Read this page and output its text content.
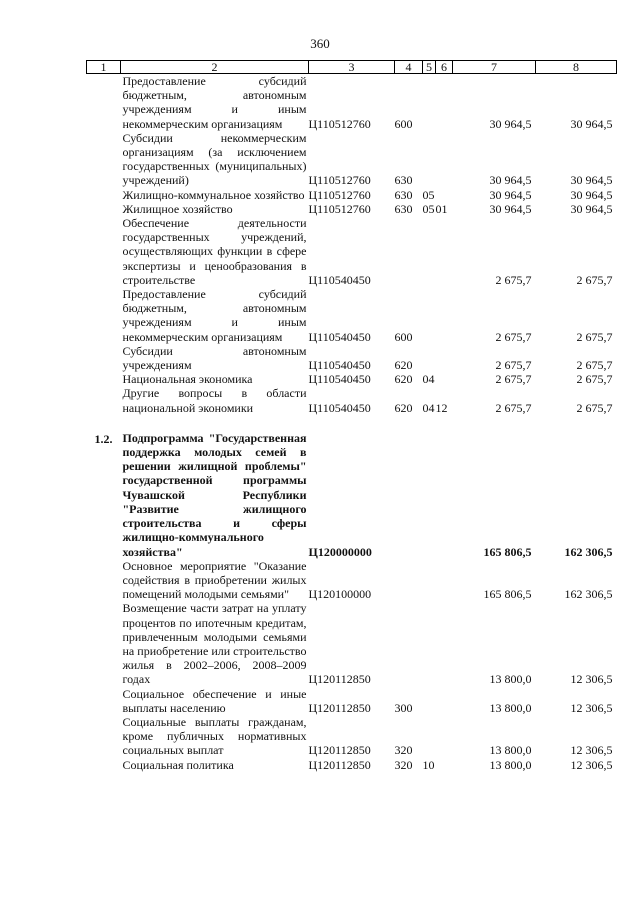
360
1	2	3	4	5	6	7	8
	Предоставление субсидий бюджетным, автономным учреждениям и иным некоммерческим организациям	Ц110512760	600			30 964,5	30 964,5
	Субсидии некоммерческим организациям (за исключением государственных (муниципальных) учреждений)	Ц110512760	630			30 964,5	30 964,5
	Жилищно-коммунальное хозяйство	Ц110512760	630	05		30 964,5	30 964,5
	Жилищное хозяйство	Ц110512760	630	05	01	30 964,5	30 964,5
	Обеспечение деятельности государственных учреждений, осуществляющих функции в сфере экспертизы и ценообразования в строительстве	Ц110540450				2 675,7	2 675,7
	Предоставление субсидий бюджетным, автономным учреждениям и иным некоммерческим организациям	Ц110540450	600			2 675,7	2 675,7
	Субсидии автономным учреждениям	Ц110540450	620			2 675,7	2 675,7
	Национальная экономика	Ц110540450	620	04		2 675,7	2 675,7
	Другие вопросы в области национальной экономики	Ц110540450	620	04	12	2 675,7	2 675,7

1.2.	Подпрограмма "Государственная поддержка молодых семей в решении жилищной проблемы" государственной программы Чувашской Республики "Развитие жилищного строительства и сферы жилищно-коммунального хозяйства"	Ц120000000				165 806,5	162 306,5
	Основное мероприятие "Оказание содействия в приобретении жилых помещений молодыми семьями"	Ц120100000				165 806,5	162 306,5
	Возмещение части затрат на уплату процентов по ипотечным кредитам, привлеченным молодыми семьями на приобретение или строительство жилья в 2002–2006, 2008–2009 годах	Ц120112850				13 800,0	12 306,5
	Социальное обеспечение и иные выплаты населению	Ц120112850	300			13 800,0	12 306,5
	Социальные выплаты гражданам, кроме публичных нормативных социальных выплат	Ц120112850	320			13 800,0	12 306,5
	Социальная политика	Ц120112850	320	10		13 800,0	12 306,5
